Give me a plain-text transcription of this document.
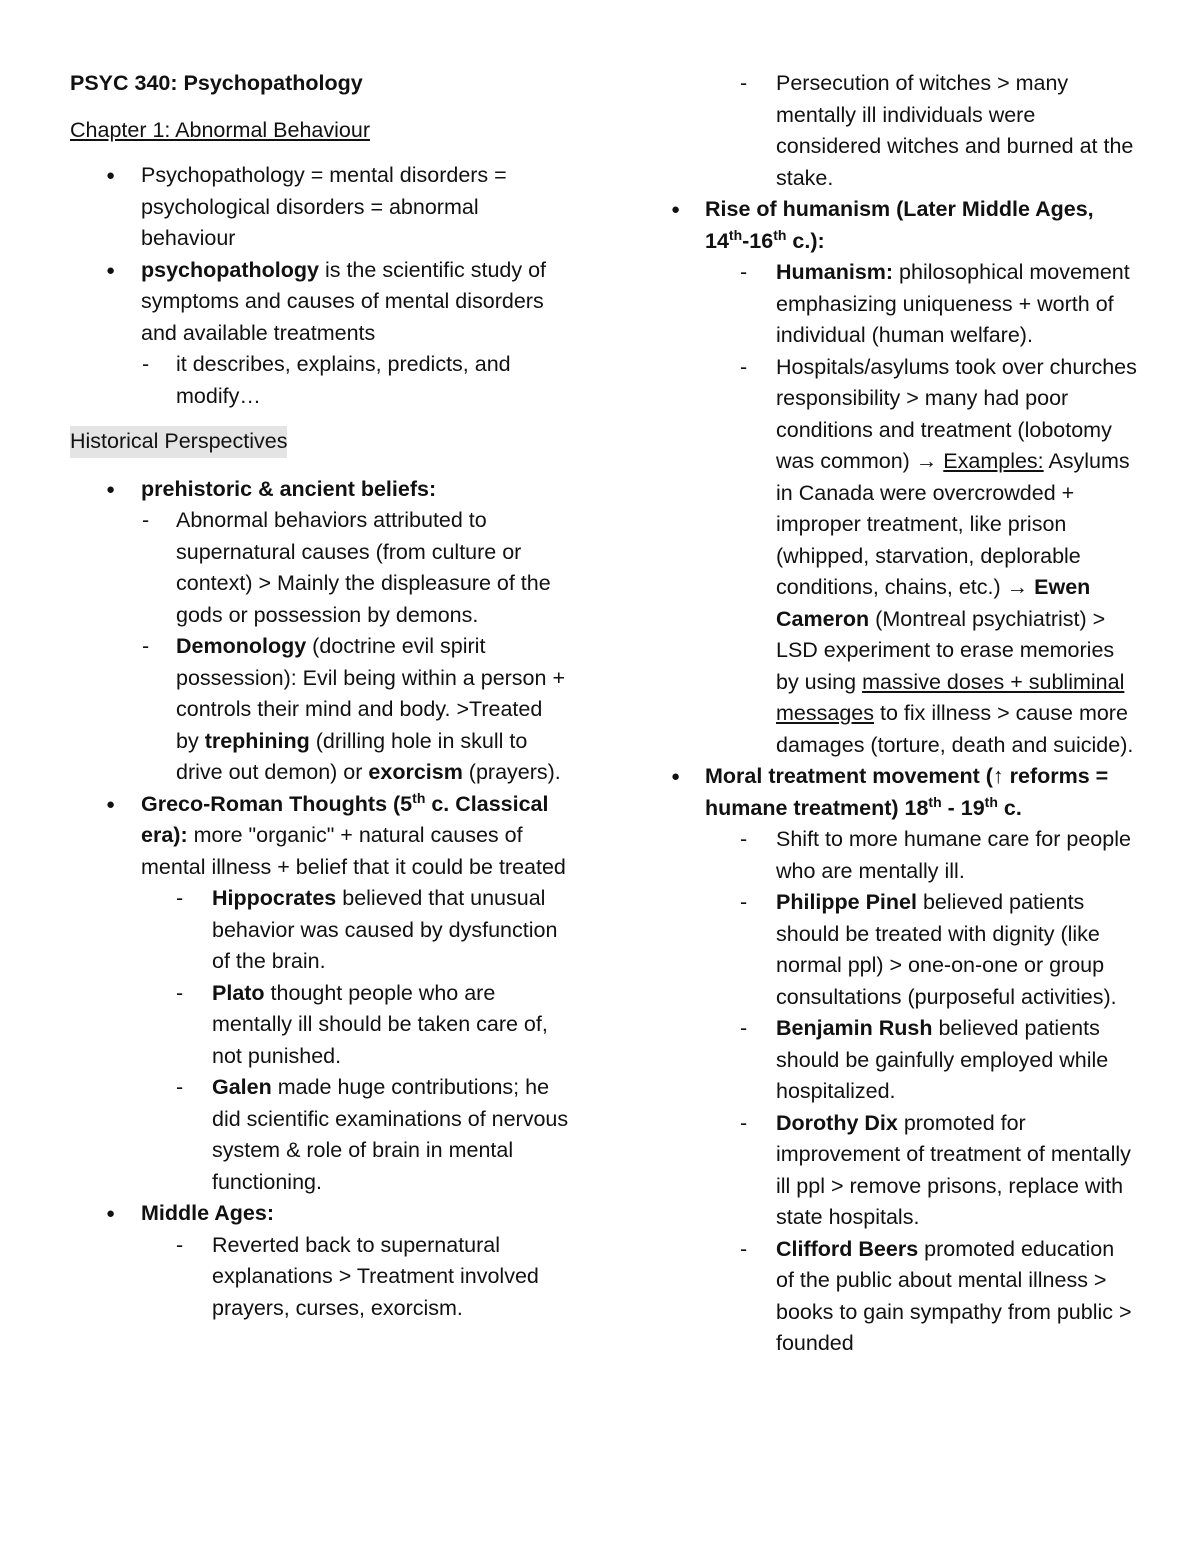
PSYC 340: Psychopathology
Chapter 1: Abnormal Behaviour
● Psychopathology = mental disorders = psychological disorders = abnormal behaviour
● psychopathology is the scientific study of symptoms and causes of mental disorders and available treatments
- it describes, explains, predicts, and modify…
Historical Perspectives
● prehistoric & ancient beliefs:
- Abnormal behaviors attributed to supernatural causes (from culture or context) > Mainly the displeasure of the gods or possession by demons.
- Demonology (doctrine evil spirit possession): Evil being within a person + controls their mind and body. >Treated by trephining (drilling hole in skull to drive out demon) or exorcism (prayers).
● Greco-Roman Thoughts (5th c. Classical era): more "organic" + natural causes of mental illness + belief that it could be treated
- Hippocrates believed that unusual behavior was caused by dysfunction of the brain.
- Plato thought people who are mentally ill should be taken care of, not punished.
- Galen made huge contributions; he did scientific examinations of nervous system & role of brain in mental functioning.
● Middle Ages:
- Reverted back to supernatural explanations > Treatment involved prayers, curses, exorcism.
- Persecution of witches > many mentally ill individuals were considered witches and burned at the stake.
● Rise of humanism (Later Middle Ages, 14th-16th c.):
- Humanism: philosophical movement emphasizing uniqueness + worth of individual (human welfare).
- Hospitals/asylums took over churches responsibility > many had poor conditions and treatment (lobotomy was common) → Examples: Asylums in Canada were overcrowded + improper treatment, like prison (whipped, starvation, deplorable conditions, chains, etc.) → Ewen Cameron (Montreal psychiatrist) > LSD experiment to erase memories by using massive doses + subliminal messages to fix illness > cause more damages (torture, death and suicide).
● Moral treatment movement (↑ reforms = humane treatment) 18th - 19th c.
- Shift to more humane care for people who are mentally ill.
- Philippe Pinel believed patients should be treated with dignity (like normal ppl) > one-on-one or group consultations (purposeful activities).
- Benjamin Rush believed patients should be gainfully employed while hospitalized.
- Dorothy Dix promoted for improvement of treatment of mentally ill ppl > remove prisons, replace with state hospitals.
- Clifford Beers promoted education of the public about mental illness > books to gain sympathy from public > founded
